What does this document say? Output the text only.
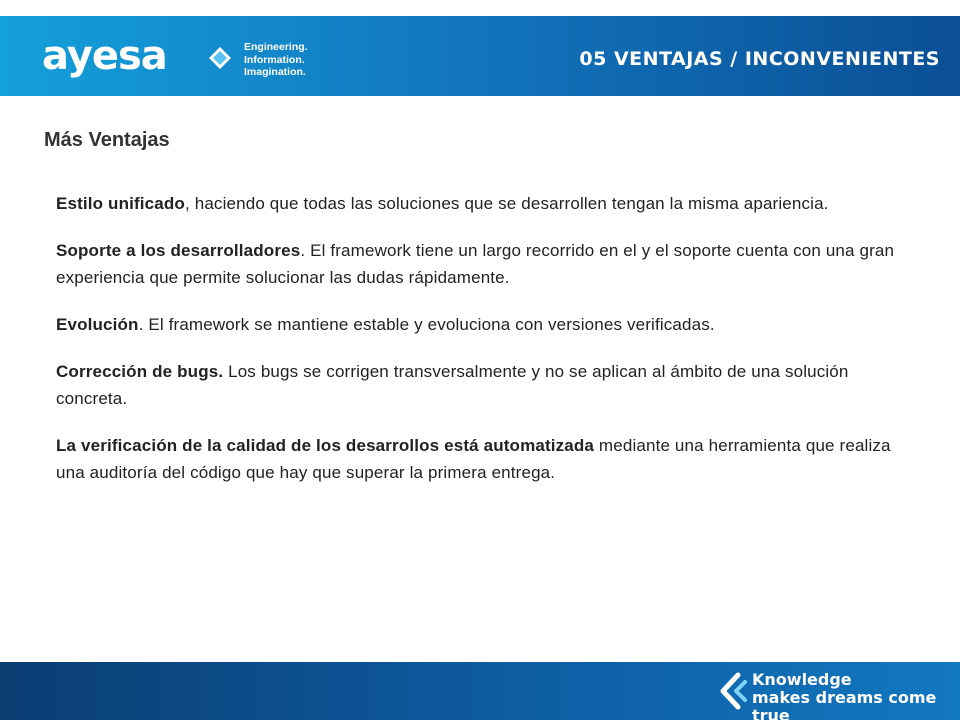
ayesa	Engineering.
Information.
Imagination.
05 VENTAJAS / INCONVENIENTES
Más Ventajas

Estilo unificado, haciendo que todas las soluciones que se desarrollen tengan la misma apariencia.

Soporte a los desarrolladores. El framework tiene un largo recorrido en el y el soporte cuenta con una gran experiencia que permite solucionar las dudas rápidamente.

Evolución. El framework se mantiene estable y evoluciona con versiones verificadas.

Corrección de bugs. Los bugs se corrigen transversalmente y no se aplican al ámbito de una solución concreta.

La verificación de la calidad de los desarrollos está automatizada mediante una herramienta que realiza una auditoría del código que hay que superar la primera entrega.

Knowledge
makes dreams come true
